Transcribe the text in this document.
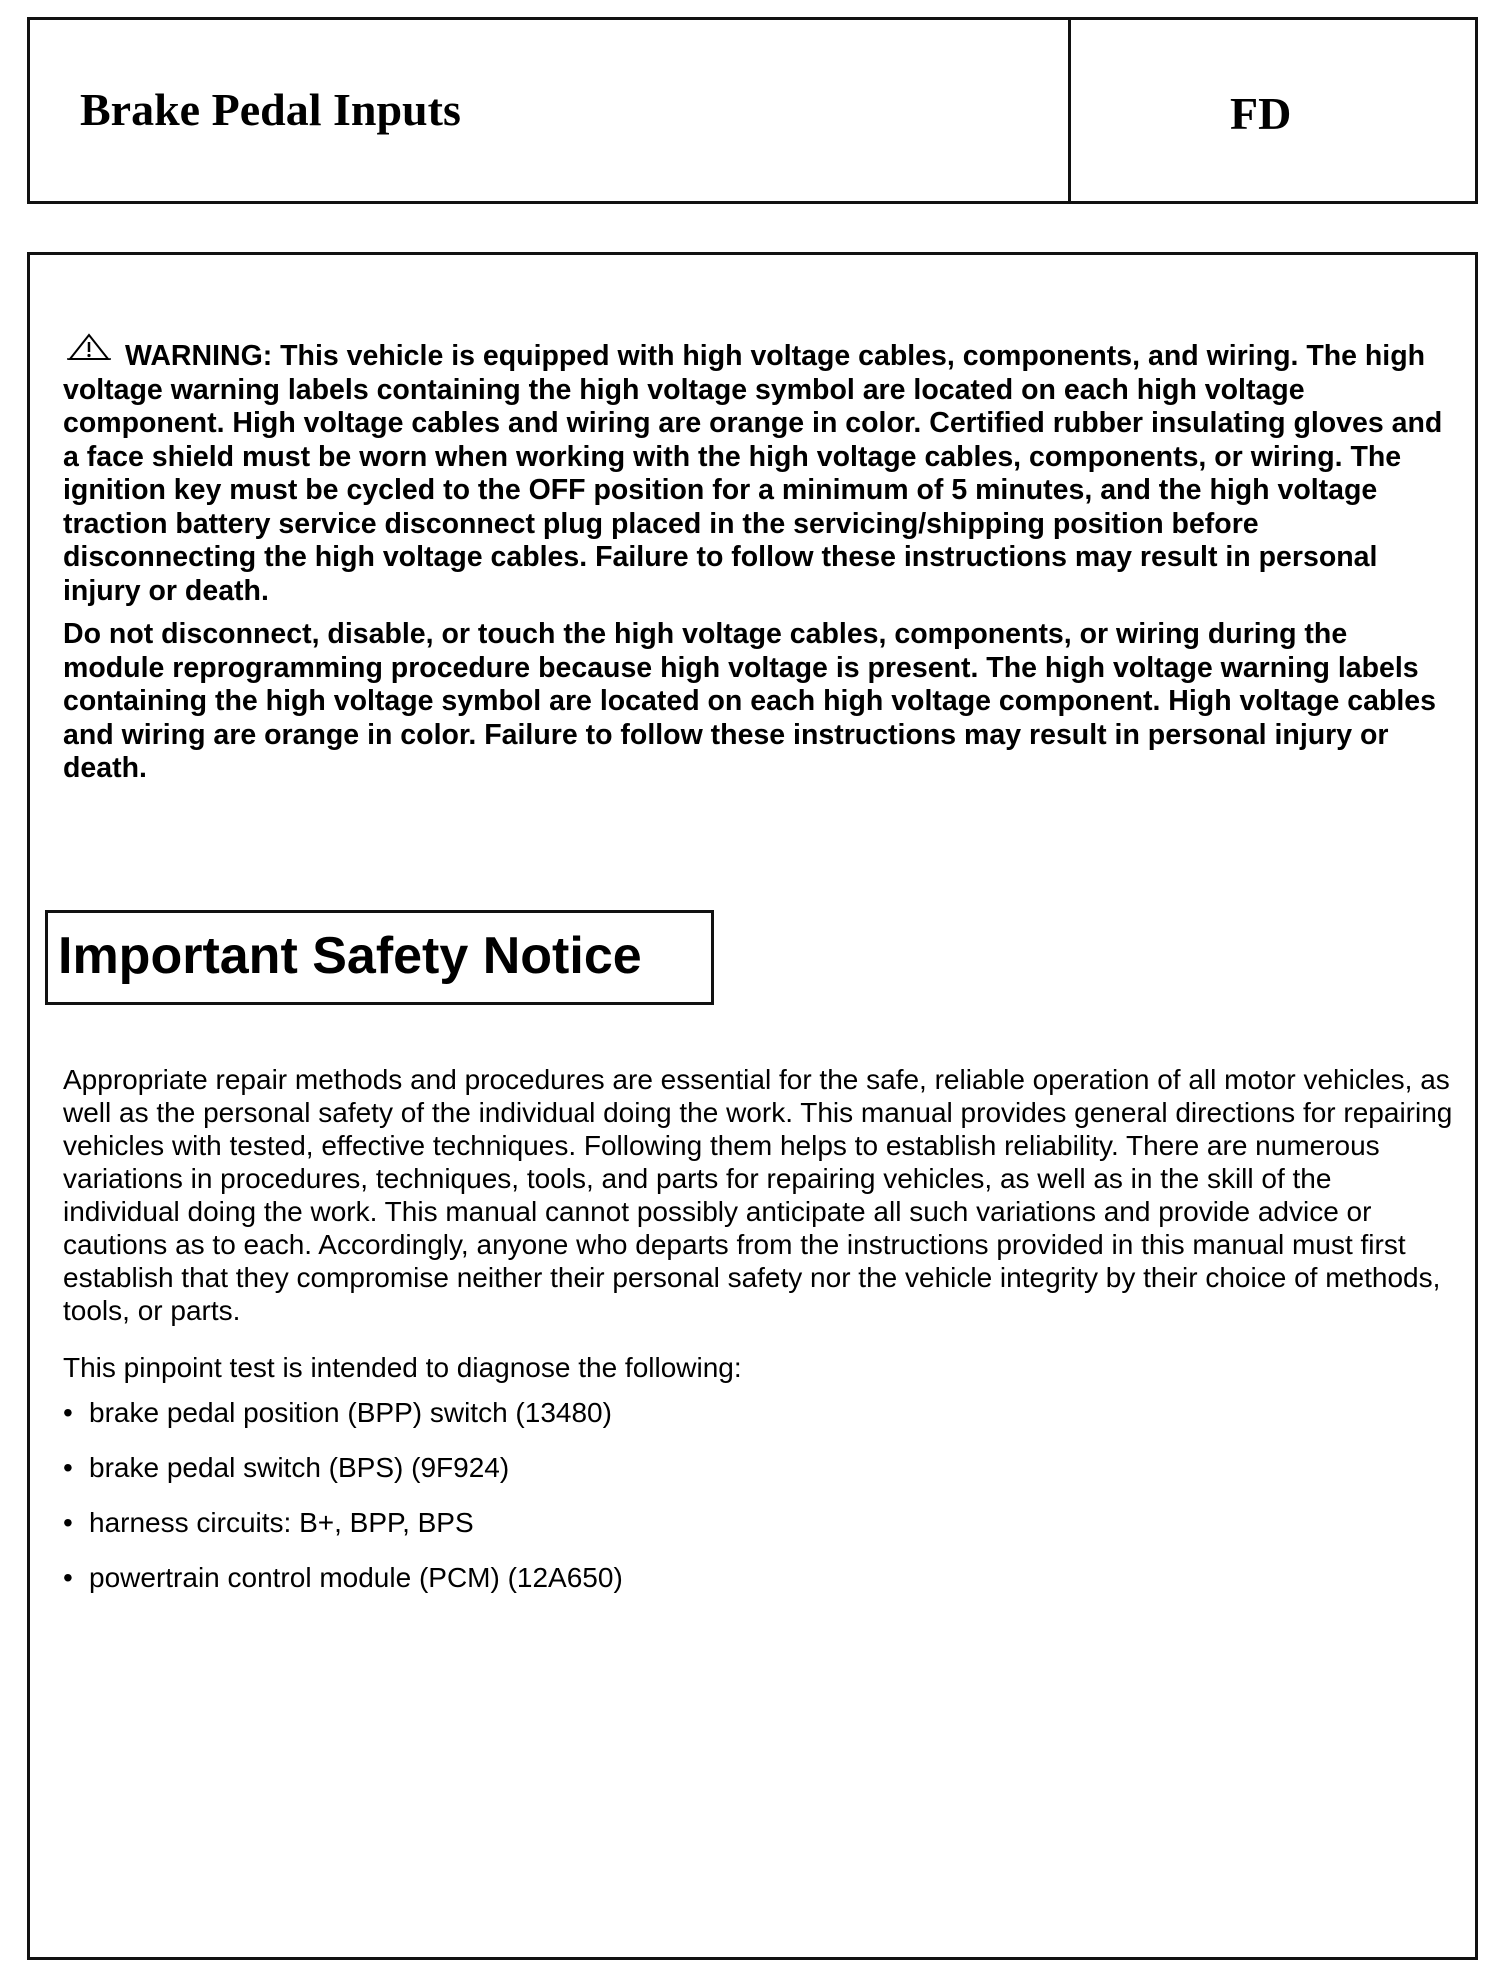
Brake Pedal Inputs	FD

WARNING: This vehicle is equipped with high voltage cables, components, and wiring. The high voltage warning labels containing the high voltage symbol are located on each high voltage component. High voltage cables and wiring are orange in color. Certified rubber insulating gloves and a face shield must be worn when working with the high voltage cables, components, or wiring. The ignition key must be cycled to the OFF position for a minimum of 5 minutes, and the high voltage traction battery service disconnect plug placed in the servicing/shipping position before disconnecting the high voltage cables. Failure to follow these instructions may result in personal injury or death.

Do not disconnect, disable, or touch the high voltage cables, components, or wiring during the module reprogramming procedure because high voltage is present. The high voltage warning labels containing the high voltage symbol are located on each high voltage component. High voltage cables and wiring are orange in color. Failure to follow these instructions may result in personal injury or death.

Important Safety Notice

Appropriate repair methods and procedures are essential for the safe, reliable operation of all motor vehicles, as well as the personal safety of the individual doing the work. This manual provides general directions for repairing vehicles with tested, effective techniques. Following them helps to establish reliability. There are numerous variations in procedures, techniques, tools, and parts for repairing vehicles, as well as in the skill of the individual doing the work. This manual cannot possibly anticipate all such variations and provide advice or cautions as to each. Accordingly, anyone who departs from the instructions provided in this manual must first establish that they compromise neither their personal safety nor the vehicle integrity by their choice of methods, tools, or parts.

This pinpoint test is intended to diagnose the following:

• brake pedal position (BPP) switch (13480)
• brake pedal switch (BPS) (9F924)
• harness circuits: B+, BPP, BPS
• powertrain control module (PCM) (12A650)
